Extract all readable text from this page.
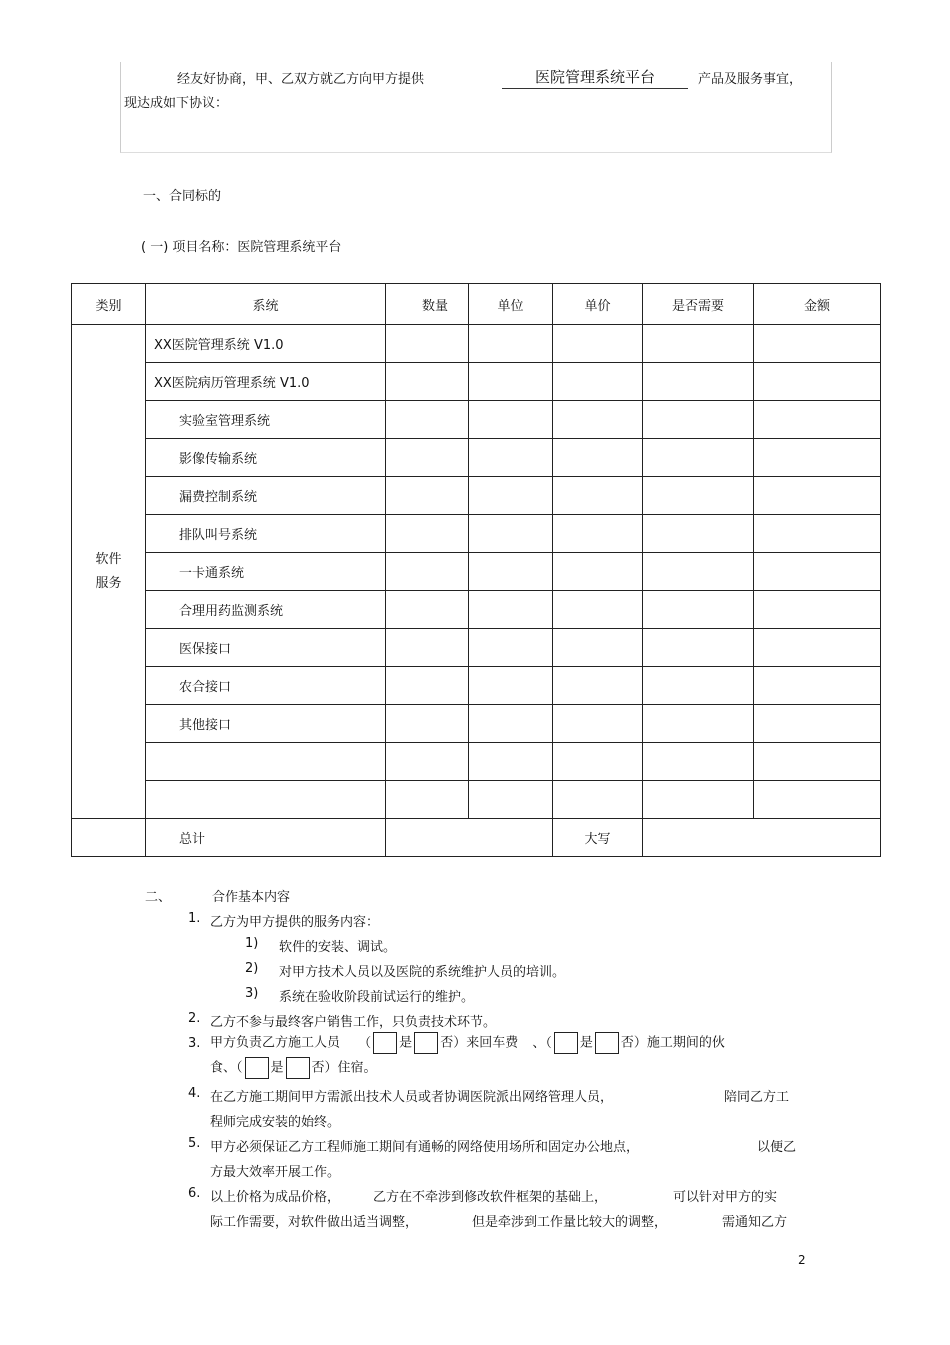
经友好协商，甲、乙双方就乙方向甲方提供	医院管理系统平台	产品及服务事宜，
现达成如下协议：
一、合同标的
( 一) 项目名称：医院管理系统平台
类别	系统	数量	单位	单价	是否需要	金额

软件
服务	XX医院管理系统 V1.0					
	XX医院病历管理系统 V1.0					
	实验室管理系统					
	影像传输系统					
	漏费控制系统					
	排队叫号系统					
	一卡通系统					
	合理用药监测系统					
	医保接口					
	农合接口					
	其他接口					

	总计			大写		
二、	合作基本内容
1. 乙方为甲方提供的服务内容：
1) 软件的安装、调试。
2) 对甲方技术人员以及医院的系统维护人员的培训。
3) 系统在验收阶段前试运行的维护。
2. 乙方不参与最终客户销售工作，只负责技术环节。
3. 甲方负责乙方施工人员 （ 是 否）来回车费 、（ 是 否）施工期间的伙
食、（ 是 否）住宿。
4. 在乙方施工期间甲方需派出技术人员或者协调医院派出网络管理人员，	陪同乙方工
程师完成安装的始终。
5. 甲方必须保证乙方工程师施工期间有通畅的网络使用场所和固定办公地点，	以便乙
方最大效率开展工作。
6. 以上价格为成品价格，	乙方在不牵涉到修改软件框架的基础上，	可以针对甲方的实
际工作需要，对软件做出适当调整，	但是牵涉到工作量比较大的调整，	需通知乙方
2
